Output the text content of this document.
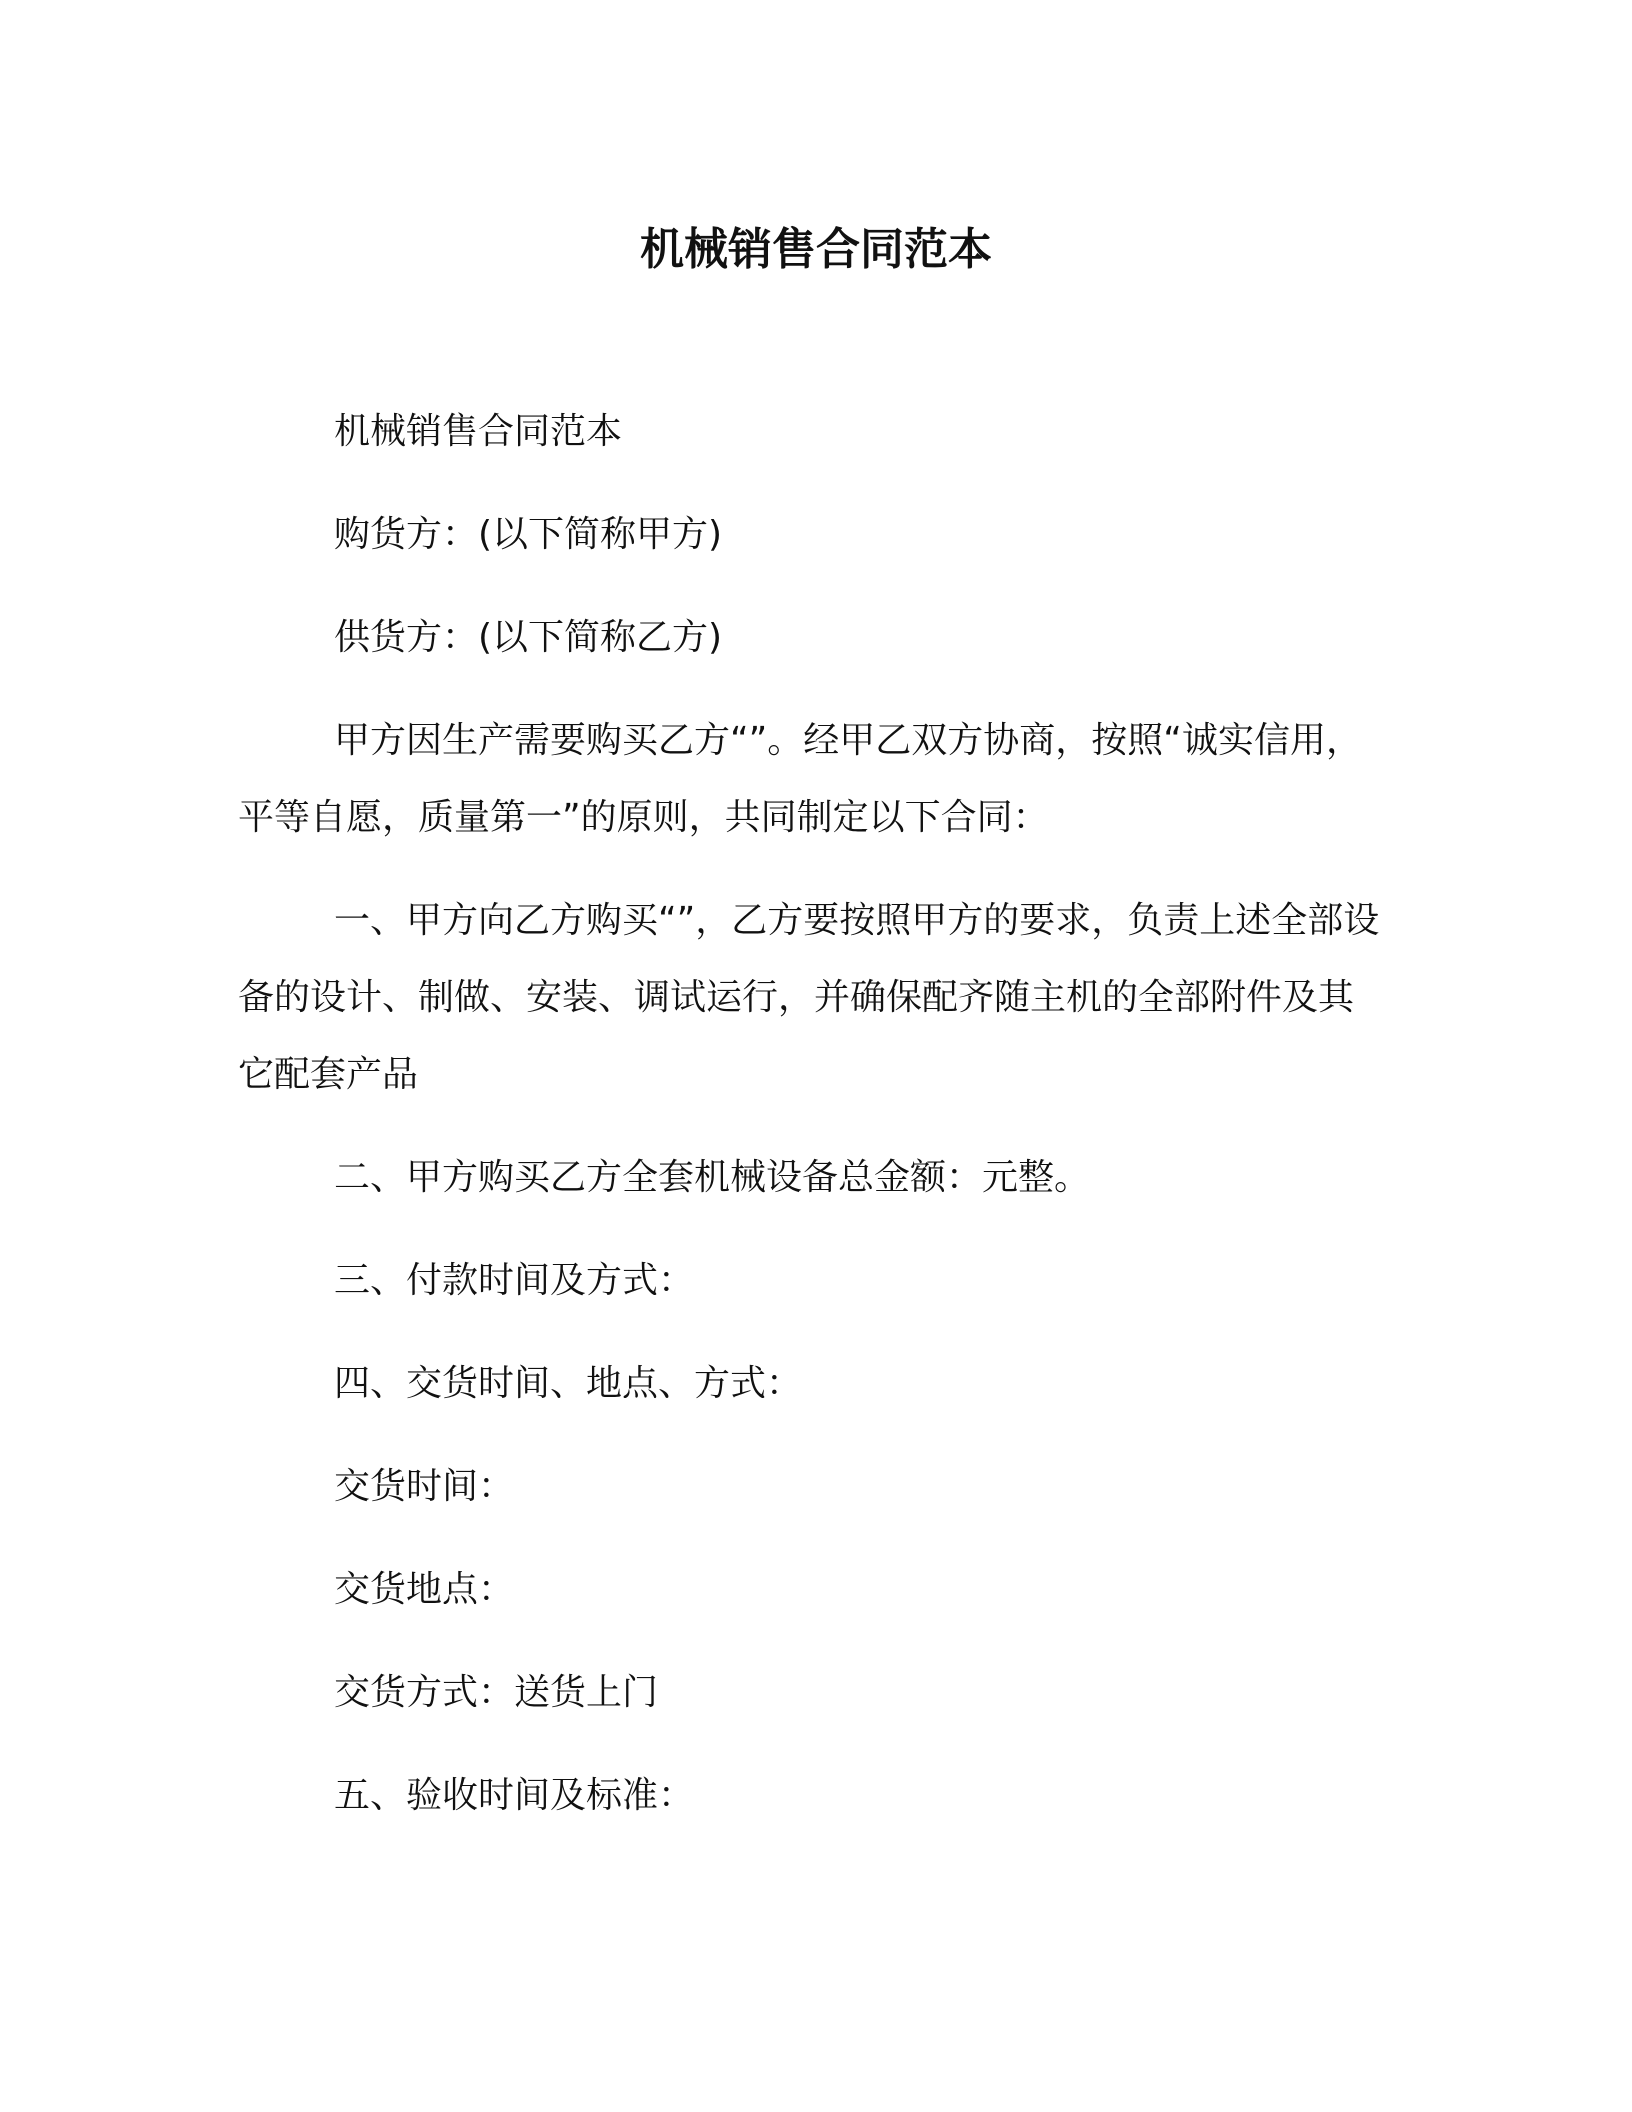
机械销售合同范本

机械销售合同范本

购货方：(以下简称甲方)

供货方：(以下简称乙方)

甲方因生产需要购买乙方“”。经甲乙双方协商，按照“诚实信用，平等自愿，质量第一”的原则，共同制定以下合同：

一、甲方向乙方购买“”，乙方要按照甲方的要求，负责上述全部设备的设计、制做、安装、调试运行，并确保配齐随主机的全部附件及其它配套产品

二、甲方购买乙方全套机械设备总金额：元整。

三、付款时间及方式：

四、交货时间、地点、方式：

交货时间：

交货地点：

交货方式：送货上门

五、验收时间及标准：
